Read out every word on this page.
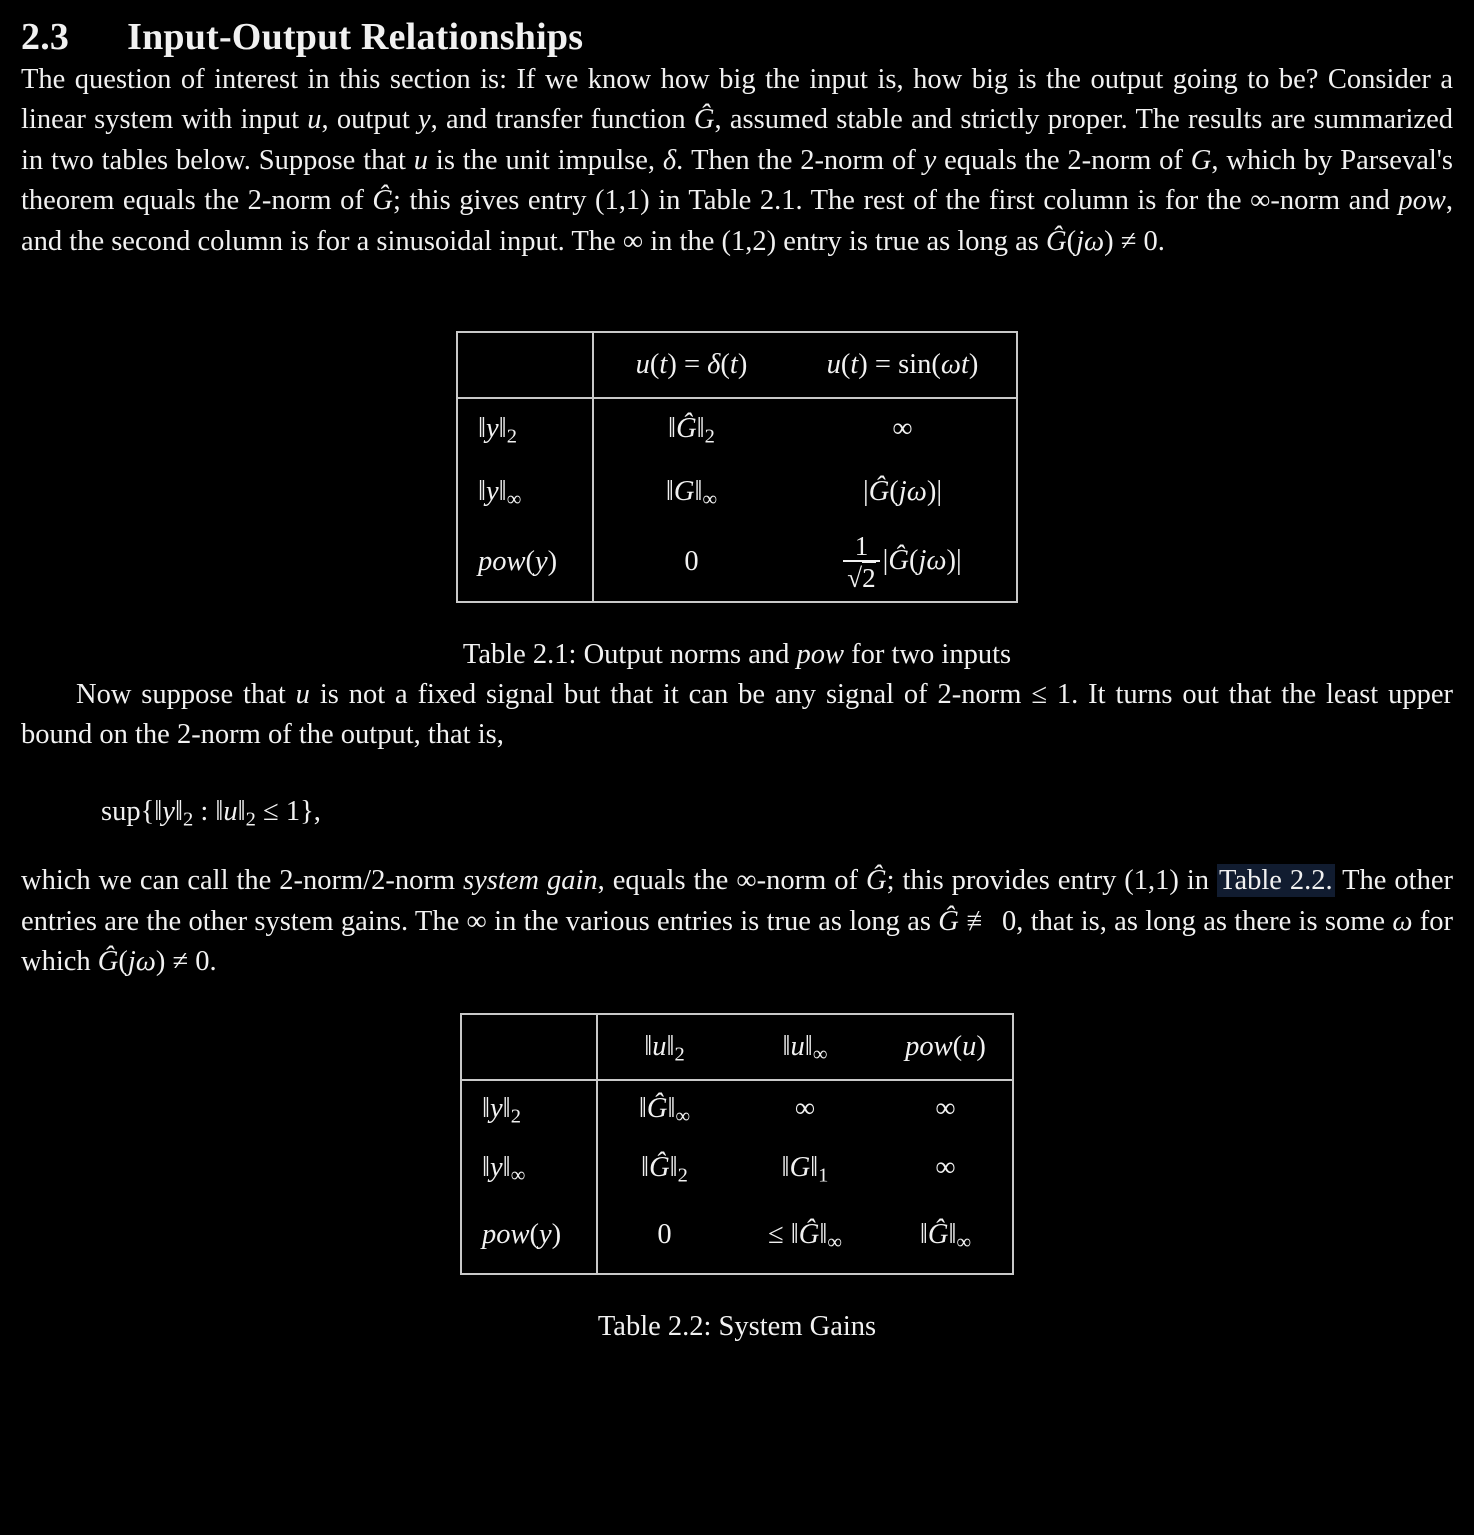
2.3 Input-Output Relationships

The question of interest in this section is: If we know how big the input is, how big is the output going to be? Consider a linear system with input u, output y, and transfer function Ĝ, assumed stable and strictly proper. The results are summarized in two tables below. Suppose that u is the unit impulse, δ. Then the 2-norm of y equals the 2-norm of G, which by Parseval's theorem equals the 2-norm of Ĝ; this gives entry (1,1) in Table 2.1. The rest of the first column is for the ∞-norm and pow, and the second column is for a sinusoidal input. The ∞ in the (1,2) entry is true as long as Ĝ(jω) ≠ 0.

	u(t) = δ(t)	u(t) = sin(ωt)
$‖y‖_2$	$‖Ĝ‖_2$	∞
$‖y‖_\infty$	$‖G‖_\infty$	|Ĝ(jω)|
pow(y)	0	$\frac{1}{√2}$ |Ĝ(jω)|

Table 2.1: Output norms and pow for two inputs

Now suppose that u is not a fixed signal but that it can be any signal of 2-norm ≤ 1. It turns out that the least upper bound on the 2-norm of the output, that is,

$sup\{‖y‖_2$ : $‖u‖_2 \le 1$},

which we can call the 2-norm/2-norm system gain, equals the ∞-norm of Ĝ; this provides entry (1,1) in Table 2.2. The other entries are the other system gains. The ∞ in the various entries is true as long as Ĝ ≢ 0, that is, as long as there is some ω for which Ĝ(jω) ≠ 0.

	$‖u‖_2$	$‖u‖_\infty$	pow(u)
$‖y‖_2$	$‖Ĝ‖_\infty$	∞	∞
$‖y‖_\infty$	$‖Ĝ‖_2$	$‖G‖_1$	∞
pow(y)	0	≤ $‖Ĝ‖_\infty$	$‖Ĝ‖_\infty$

Table 2.2: System Gains
